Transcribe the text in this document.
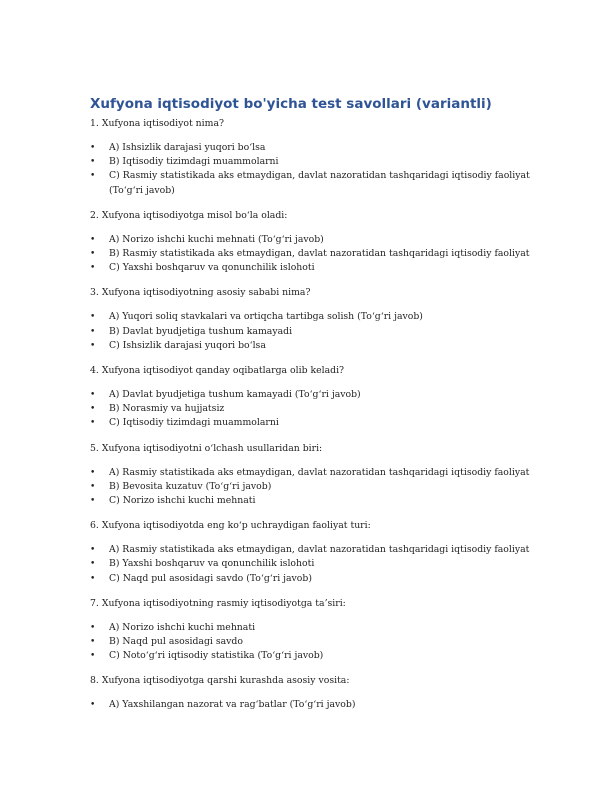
Xufyona iqtisodiyot bo'yicha test savollari (variantli)

1. Xufyona iqtisodiyot nima?

• A) Ishsizlik darajasi yuqori bo‘lsa
• B) Iqtisodiy tizimdagi muammolarni
• C) Rasmiy statistikada aks etmaydigan, davlat nazoratidan tashqaridagi iqtisodiy faoliyat (To‘g‘ri javob)

2. Xufyona iqtisodiyotga misol bo‘la oladi:

• A) Norizo ishchi kuchi mehnati (To‘g‘ri javob)
• B) Rasmiy statistikada aks etmaydigan, davlat nazoratidan tashqaridagi iqtisodiy faoliyat
• C) Yaxshi boshqaruv va qonunchilik islohoti

3. Xufyona iqtisodiyotning asosiy sababi nima?

• A) Yuqori soliq stavkalari va ortiqcha tartibga solish (To‘g‘ri javob)
• B) Davlat byudjetiga tushum kamayadi
• C) Ishsizlik darajasi yuqori bo‘lsa

4. Xufyona iqtisodiyot qanday oqibatlarga olib keladi?

• A) Davlat byudjetiga tushum kamayadi (To‘g‘ri javob)
• B) Norasmiy va hujjatsiz
• C) Iqtisodiy tizimdagi muammolarni

5. Xufyona iqtisodiyotni o‘lchash usullaridan biri:

• A) Rasmiy statistikada aks etmaydigan, davlat nazoratidan tashqaridagi iqtisodiy faoliyat
• B) Bevosita kuzatuv (To‘g‘ri javob)
• C) Norizo ishchi kuchi mehnati

6. Xufyona iqtisodiyotda eng ko‘p uchraydigan faoliyat turi:

• A) Rasmiy statistikada aks etmaydigan, davlat nazoratidan tashqaridagi iqtisodiy faoliyat
• B) Yaxshi boshqaruv va qonunchilik islohoti
• C) Naqd pul asosidagi savdo (To‘g‘ri javob)

7. Xufyona iqtisodiyotning rasmiy iqtisodiyotga ta’siri:

• A) Norizo ishchi kuchi mehnati
• B) Naqd pul asosidagi savdo
• C) Noto‘g‘ri iqtisodiy statistika (To‘g‘ri javob)

8. Xufyona iqtisodiyotga qarshi kurashda asosiy vosita:

• A) Yaxshilangan nazorat va rag‘batlar (To‘g‘ri javob)
